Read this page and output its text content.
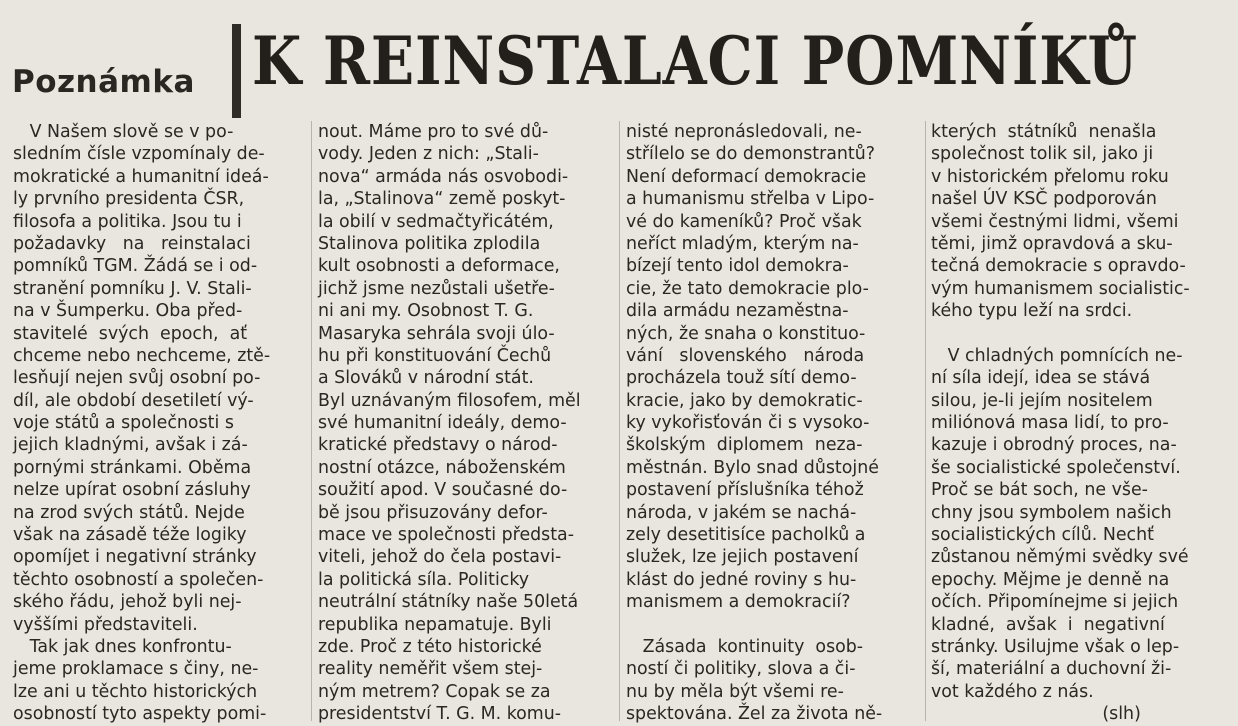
Poznámka K REINSTALACI POMNÍKŮ
V Našem slově se v po-
sledním čísle vzpomínaly de-
mokratické a humanitní ideá-
ly prvního presidenta ČSR,
filosofa a politika. Jsou tu i
požadavky   na   reinstalaci
pomníků TGM. Žádá se i od-
stranění pomníku J. V. Stali-
na v Šumperku. Oba před-
stavitelé  svých  epoch,  ať
chceme nebo nechceme, ztě-
lesňují nejen svůj osobní po-
díl, ale období desetiletí vý-
voje států a společnosti s
jejich kladnými, avšak i zá-
pornými stránkami. Oběma
nelze upírat osobní zásluhy
na zrod svých států. Nejde
však na zásadě téže logiky
opomíjet i negativní stránky
těchto osobností a společen-
ského řádu, jehož byli nej-
vyššími představiteli.
Tak jak dnes konfrontu-
jeme proklamace s činy, ne-
lze ani u těchto historických
osobností tyto aspekty pomi-
nout. Máme pro to své dů-
vody. Jeden z nich: „Stali-
nova“ armáda nás osvobodi-
la, „Stalinova“ země poskyt-
la obilí v sedmačtyřicátém,
Stalinova politika zplodila
kult osobnosti a deformace,
jichž jsme nezůstali ušetře-
ni ani my. Osobnost T. G.
Masaryka sehrála svoji úlo-
hu při konstituování Čechů
a Slováků v národní stát.
Byl uznávaným filosofem, měl
své humanitní ideály, demo-
kratické představy o národ-
nostní otázce, náboženském
soužití apod. V současné do-
bě jsou přisuzovány defor-
mace ve společnosti předsta-
viteli, jehož do čela postavi-
la politická síla. Politicky
neutrální státníky naše 50letá
republika nepamatuje. Byli
zde. Proč z této historické
reality neměřit všem stej-
ným metrem? Copak se za
presidentství T. G. M. komu-
nisté nepronásledovali, ne-
střílelo se do demonstrantů?
Není deformací demokracie
a humanismu střelba v Lipo-
vé do kameníků? Proč však
neříct mladým, kterým na-
bízejí tento idol demokra-
cie, že tato demokracie plo-
dila armádu nezaměstna-
ných, že snaha o konstituo-
vání   slovenského   národa
procházela touž sítí demo-
kracie, jako by demokratic-
ky vykořisťován či s vysoko-
školským  diplomem  neza-
městnán. Bylo snad důstojné
postavení příslušníka téhož
národa, v jakém se nachá-
zely desetitisíce pacholků a
služek, lze jejich postavení
klást do jedné roviny s hu-
manismem a demokracií?
Zásada  kontinuity  osob-
ností či politiky, slova a či-
nu by měla být všemi re-
spektována. Žel za života ně-
kterých  státníků  nenašla
společnost tolik sil, jako ji
v historickém přelomu roku
našel ÚV KSČ podporován
všemi čestnými lidmi, všemi
těmi, jimž opravdová a sku-
tečná demokracie s opravdo-
vým humanismem socialistic-
kého typu leží na srdci.
V chladných pomnících ne-
ní síla idejí, idea se stává
silou, je-li jejím nositelem
miliónová masa lidí, to pro-
kazuje i obrodný proces, na-
še socialistické společenství.
Proč se bát soch, ne vše-
chny jsou symbolem našich
socialistických cílů. Nechť
zůstanou němými svědky své
epochy. Mějme je denně na
očích. Připomínejme si jejich
kladné,  avšak  i  negativní
stránky. Usilujme však o lep-
ší, materiální a duchovní ži-
vot každého z nás.
(slh)
